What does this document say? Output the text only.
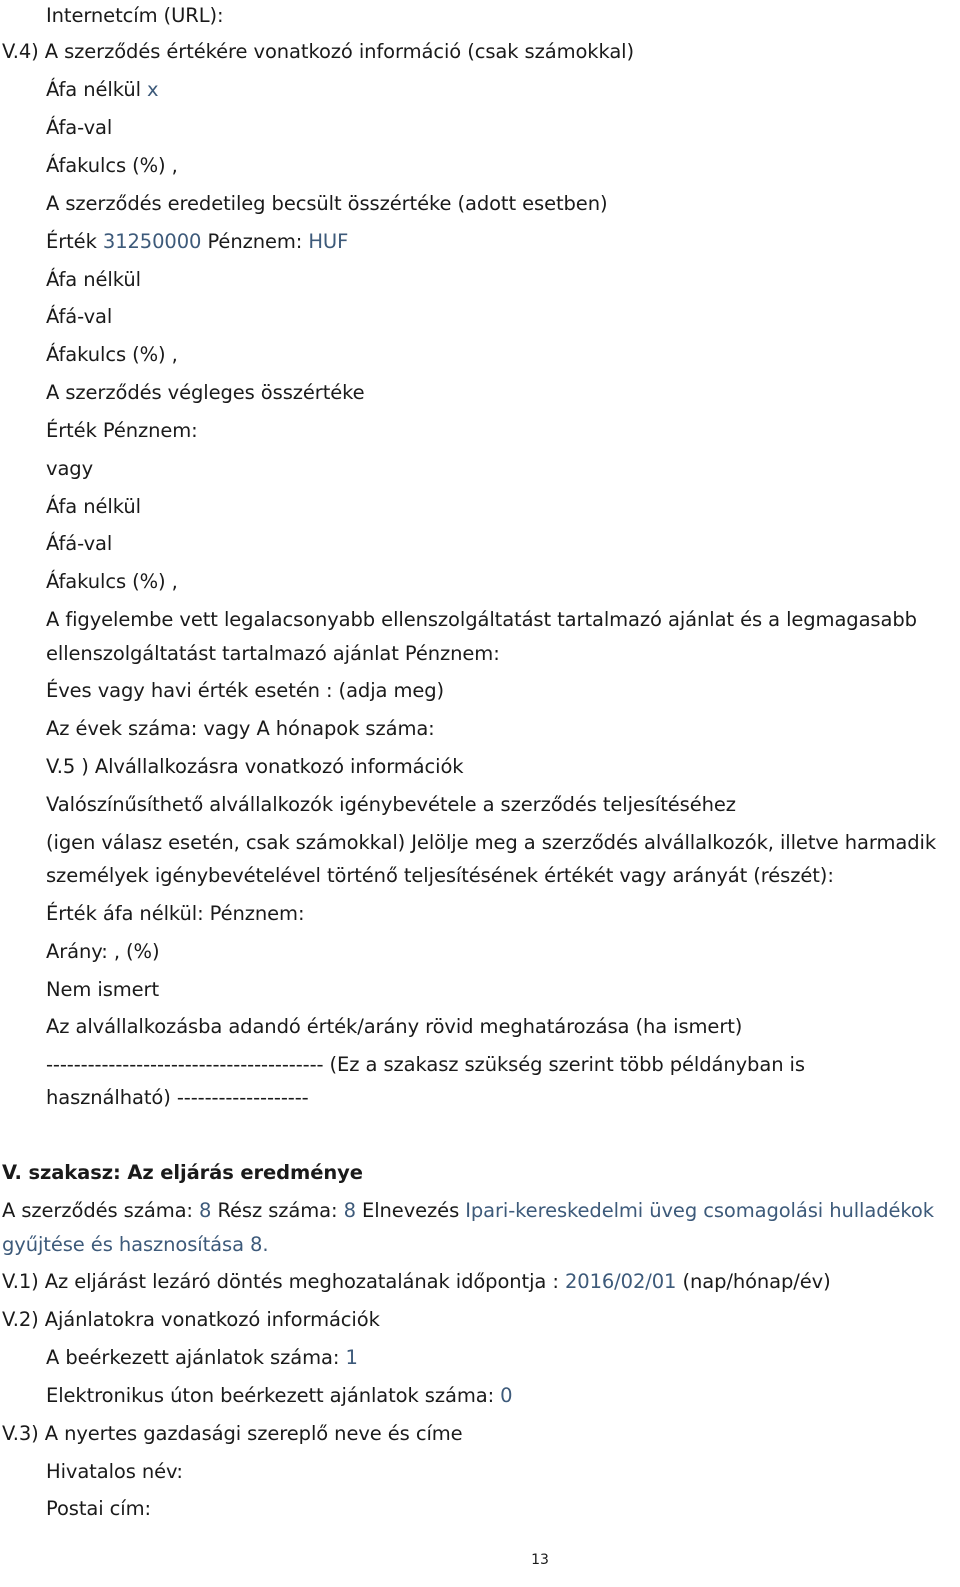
Internetcím (URL):
V.4) A szerződés értékére vonatkozó információ (csak számokkal)
Áfa nélkül x
Áfa-val
Áfakulcs (%) ,
A szerződés eredetileg becsült összértéke (adott esetben)
Érték 31250000 Pénznem: HUF
Áfa nélkül
Áfá-val
Áfakulcs (%) ,
A szerződés végleges összértéke
Érték Pénznem:
vagy
Áfa nélkül
Áfá-val
Áfakulcs (%) ,
A figyelembe vett legalacsonyabb ellenszolgáltatást tartalmazó ajánlat és a legmagasabb
ellenszolgáltatást tartalmazó ajánlat Pénznem:
Éves vagy havi érték esetén : (adja meg)
Az évek száma: vagy A hónapok száma:
V.5 ) Alvállalkozásra vonatkozó információk
Valószínűsíthető alvállalkozók igénybevétele a szerződés teljesítéséhez
(igen válasz esetén, csak számokkal) Jelölje meg a szerződés alvállalkozók, illetve harmadik
személyek igénybevételével történő teljesítésének értékét vagy arányát (részét):
Érték áfa nélkül: Pénznem:
Arány: , (%)
Nem ismert
Az alvállalkozásba adandó érték/arány rövid meghatározása (ha ismert)
---------------------------------------- (Ez a szakasz szükség szerint több példányban is
használható) -------------------
V. szakasz: Az eljárás eredménye
A szerződés száma: 8 Rész száma: 8 Elnevezés Ipari-kereskedelmi üveg csomagolási hulladékok
gyűjtése és hasznosítása 8.
V.1) Az eljárást lezáró döntés meghozatalának időpontja : 2016/02/01 (nap/hónap/év)
V.2) Ajánlatokra vonatkozó információk
A beérkezett ajánlatok száma: 1
Elektronikus úton beérkezett ajánlatok száma: 0
V.3) A nyertes gazdasági szereplő neve és címe
Hivatalos név:
Postai cím:
13
